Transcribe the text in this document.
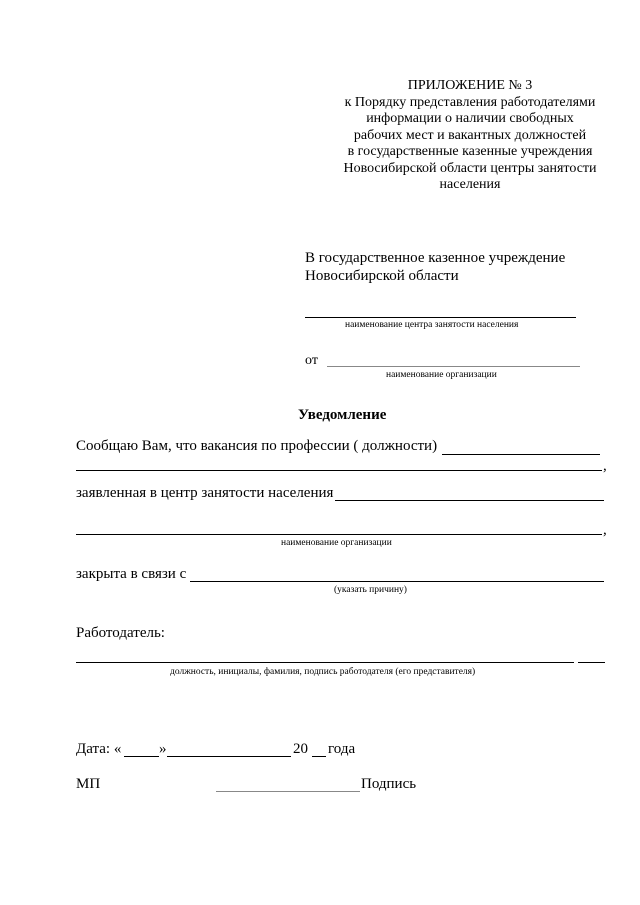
ПРИЛОЖЕНИЕ № 3
к Порядку представления работодателями
информации о наличии свободных
рабочих мест и вакантных должностей
в государственные казенные учреждения
Новосибирской области центры занятости
населения
В государственное казенное учреждение
Новосибирской области
наименование центра занятости населения
от
наименование организации
Уведомление
Сообщаю Вам, что вакансия по профессии ( должности)
,
заявленная в центр занятости населения
,
наименование организации
закрыта в связи с
(указать причину)
Работодатель:
должность, инициалы, фамилия, подпись работодателя (его представителя)
Дата: «	»	20 года
МП	Подпись
